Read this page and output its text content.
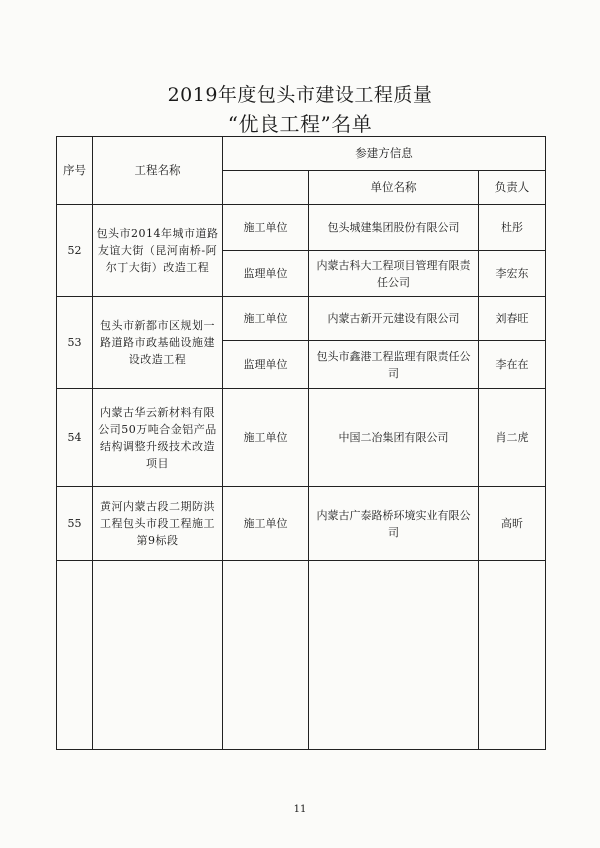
2019年度包头市建设工程质量
“优良工程”名单
序号	工程名称	参建方信息		
			单位名称	负责人
52	包头市2014年城市道路友谊大街（昆河南桥-阿尔丁大街）改造工程	施工单位	包头城建集团股份有限公司	杜彤
		监理单位	内蒙古科大工程项目管理有限责任公司	李宏东
53	包头市新都市区规划一路道路市政基础设施建设改造工程	施工单位	内蒙古新开元建设有限公司	刘春旺
		监理单位	包头市鑫港工程监理有限责任公司	李在在
54	内蒙古华云新材料有限公司50万吨合金铝产品结构调整升级技术改造项目	施工单位	中国二冶集团有限公司	肖二虎
55	黄河内蒙古段二期防洪工程包头市段工程施工第9标段	施工单位	内蒙古广泰路桥环境实业有限公司	高昕

11
